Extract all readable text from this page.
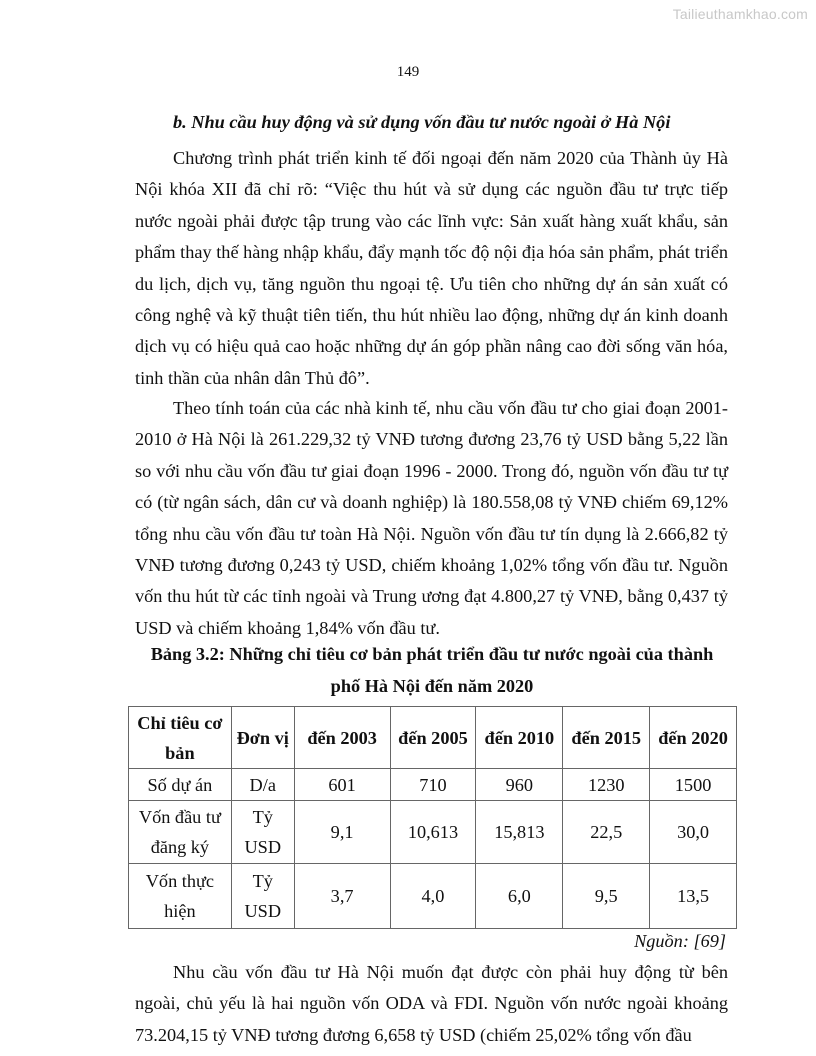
Tailieuthamkhao.com
149

b. Nhu cầu huy động và sử dụng vốn đầu tư nước ngoài ở Hà Nội

Chương trình phát triển kinh tế đối ngoại đến năm 2020 của Thành ủy Hà Nội khóa XII đã chỉ rõ: “Việc thu hút và sử dụng các nguồn đầu tư trực tiếp nước ngoài phải được tập trung vào các lĩnh vực: Sản xuất hàng xuất khẩu, sản phẩm thay thế hàng nhập khẩu, đẩy mạnh tốc độ nội địa hóa sản phẩm, phát triển du lịch, dịch vụ, tăng nguồn thu ngoại tệ. Ưu tiên cho những dự án sản xuất có công nghệ và kỹ thuật tiên tiến, thu hút nhiều lao động, những dự án kinh doanh dịch vụ có hiệu quả cao hoặc những dự án góp phần nâng cao đời sống văn hóa, tinh thần của nhân dân Thủ đô”.

Theo tính toán của các nhà kinh tế, nhu cầu vốn đầu tư cho giai đoạn 2001-2010 ở Hà Nội là 261.229,32 tỷ VNĐ tương đương 23,76 tỷ USD bằng 5,22 lần so với nhu cầu vốn đầu tư giai đoạn 1996 - 2000. Trong đó, nguồn vốn đầu tư tự có (từ ngân sách, dân cư và doanh nghiệp) là 180.558,08 tỷ VNĐ chiếm 69,12% tổng nhu cầu vốn đầu tư toàn Hà Nội. Nguồn vốn đầu tư tín dụng là 2.666,82 tỷ VNĐ tương đương 0,243 tỷ USD, chiếm khoảng 1,02% tổng vốn đầu tư. Nguồn vốn thu hút từ các tỉnh ngoài và Trung ương đạt 4.800,27 tỷ VNĐ, bằng 0,437 tỷ USD và chiếm khoảng 1,84% vốn đầu tư.

Bảng 3.2: Những chỉ tiêu cơ bản phát triển đầu tư nước ngoài của thành
phố Hà Nội đến năm 2020

Chỉ tiêu cơ bản	Đơn vị	đến 2003	đến 2005	đến 2010	đến 2015	đến 2020
Số dự án	D/a	601	710	960	1230	1500
Vốn đầu tư đăng ký	Tỷ USD	9,1	10,613	15,813	22,5	30,0
Vốn thực hiện	Tỷ USD	3,7	4,0	6,0	9,5	13,5
Nguồn: [69]

Nhu cầu vốn đầu tư Hà Nội muốn đạt được còn phải huy động từ bên ngoài, chủ yếu là hai nguồn vốn ODA và FDI. Nguồn vốn nước ngoài khoảng 73.204,15 tỷ VNĐ tương đương 6,658 tỷ USD (chiếm 25,02% tổng vốn đầu
